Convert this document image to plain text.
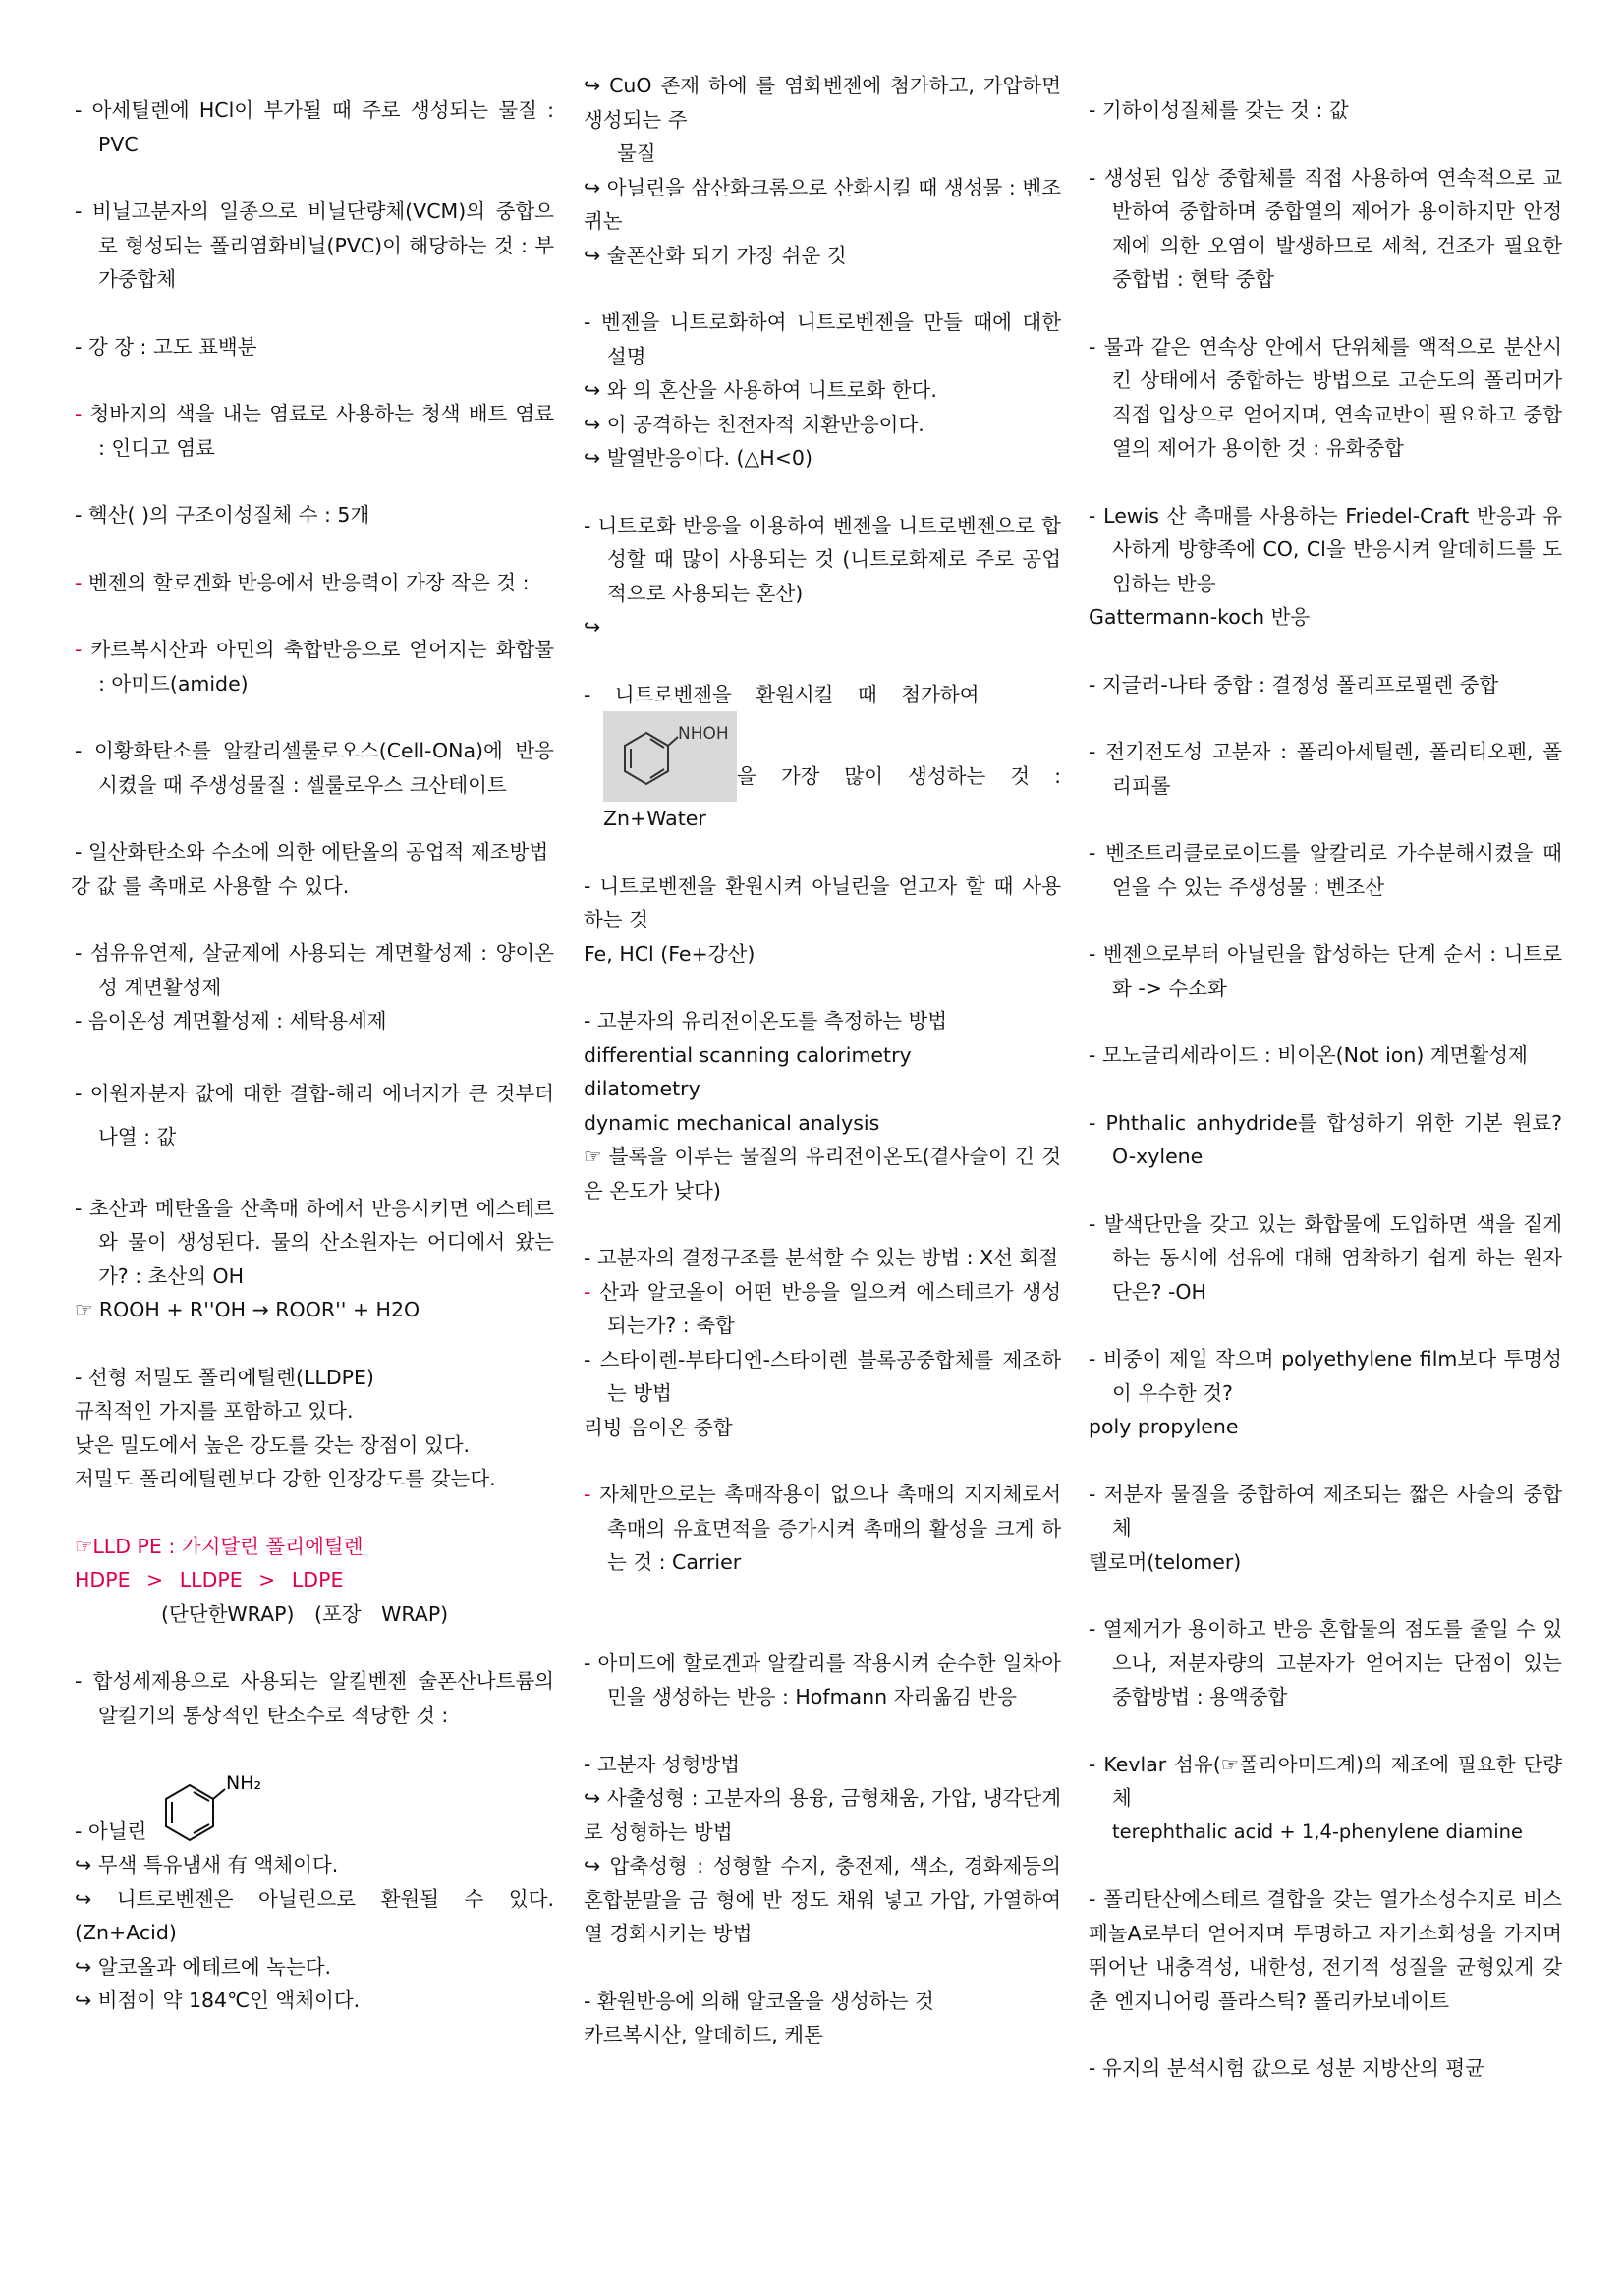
- 아세틸렌에 HCl이 부가될 때 주로 생성되는 물질 : PVC
- 비닐고분자의 일종으로 비닐단량체(VCM)의 중합으로 형성되는 폴리염화비닐(PVC)이 해당하는 것 : 부가중합체
- 강 장 : 고도 표백분
- 청바지의 색을 내는 염료로 사용하는 청색 배트 염료 : 인디고 염료
- 헥산( )의 구조이성질체 수 : 5개
- 벤젠의 할로겐화 반응에서 반응력이 가장 작은 것 :
- 카르복시산과 아민의 축합반응으로 얻어지는 화합물 : 아미드(amide)
- 이황화탄소를 알칼리셀룰로오스(Cell-ONa)에 반응시켰을 때 주생성물질 : 셀룰로우스 크산테이트
- 일산화탄소와 수소에 의한 에탄올의 공업적 제조방법
강 값 를 촉매로 사용할 수 있다.
- 섬유유연제, 살균제에 사용되는 계면활성제 : 양이온성 계면활성제
- 음이온성 계면활성제 : 세탁용세제
- 이원자분자 값에 대한 결합-해리 에너지가 큰 것부터 나열 : 값
- 초산과 메탄올을 산촉매 하에서 반응시키면 에스테르와 물이 생성된다. 물의 산소원자는 어디에서 왔는가? : 초산의 OH
☞ ROOH + R''OH → ROOR'' + H2O
- 선형 저밀도 폴리에틸렌(LLDPE)
규칙적인 가지를 포함하고 있다.
낮은 밀도에서 높은 강도를 갖는 장점이 있다.
저밀도 폴리에틸렌보다 강한 인장강도를 갖는다.
☞LLD PE : 가지달린 폴리에틸렌
HDPE > LLDPE > LDPE
(단단한WRAP) (포장 WRAP)
- 합성세제용으로 사용되는 알킬벤젠 술폰산나트륨의 알킬기의 통상적인 탄소수로 적당한 것 :
- 아닐린
NH₂
↪ 무색 특유냄새 有 액체이다.
↪ 니트로벤젠은 아닐린으로 환원될 수 있다.(Zn+Acid)
↪ 알코올과 에테르에 녹는다.
↪ 비점이 약 184℃인 액체이다.
↪ CuO 존재 하에 를 염화벤젠에 첨가하고, 가압하면 생성되는 주
물질
↪ 아닐린을 삼산화크롬으로 산화시킬 때 생성물 : 벤조퀴논
↪ 술폰산화 되기 가장 쉬운 것
- 벤젠을 니트로화하여 니트로벤젠을 만들 때에 대한 설명
↪ 와 의 혼산을 사용하여 니트로화 한다.
↪ 이 공격하는 친전자적 치환반응이다.
↪ 발열반응이다. (△H<0)
- 니트로화 반응을 이용하여 벤젠을 니트로벤젠으로 합성할 때 많이 사용되는 것 (니트로화제로 주로 공업적으로 사용되는 혼산)
↪
- 니트로벤젠을 환원시킬 때 첨가하여
NHOH
을 가장 많이 생성하는 것 :
Zn+Water
- 니트로벤젠을 환원시켜 아닐린을 얻고자 할 때 사용하는 것
Fe, HCl (Fe+강산)
- 고분자의 유리전이온도를 측정하는 방법
differential scanning calorimetry
dilatometry
dynamic mechanical analysis
☞ 블록을 이루는 물질의 유리전이온도(곁사슬이 긴 것은 온도가 낮다)
- 고분자의 결정구조를 분석할 수 있는 방법 : X선 회절
- 산과 알코올이 어떤 반응을 일으켜 에스테르가 생성되는가? : 축합
- 스타이렌-부타디엔-스타이렌 블록공중합체를 제조하는 방법
리빙 음이온 중합
- 자체만으로는 촉매작용이 없으나 촉매의 지지체로서 촉매의 유효면적을 증가시켜 촉매의 활성을 크게 하는 것 : Carrier
- 아미드에 할로겐과 알칼리를 작용시켜 순수한 일차아민을 생성하는 반응 : Hofmann 자리옮김 반응
- 고분자 성형방법
↪ 사출성형 : 고분자의 용융, 금형채움, 가압, 냉각단계로 성형하는 방법
↪ 압축성형 : 성형할 수지, 충전제, 색소, 경화제등의 혼합분말을 금 형에 반 정도 채워 넣고 가압, 가열하여 열 경화시키는 방법
- 환원반응에 의해 알코올을 생성하는 것
카르복시산, 알데히드, 케톤
- 기하이성질체를 갖는 것 : 값
- 생성된 입상 중합체를 직접 사용하여 연속적으로 교반하여 중합하며 중합열의 제어가 용이하지만 안정제에 의한 오염이 발생하므로 세척, 건조가 필요한 중합법 : 현탁 중합
- 물과 같은 연속상 안에서 단위체를 액적으로 분산시킨 상태에서 중합하는 방법으로 고순도의 폴리머가 직접 입상으로 얻어지며, 연속교반이 필요하고 중합열의 제어가 용이한 것 : 유화중합
- Lewis 산 촉매를 사용하는 Friedel-Craft 반응과 유사하게 방향족에 CO, Cl을 반응시켜 알데히드를 도입하는 반응
Gattermann-koch 반응
- 지글러-나타 중합 : 결정성 폴리프로필렌 중합
- 전기전도성 고분자 : 폴리아세틸렌, 폴리티오펜, 폴리피롤
- 벤조트리클로로이드를 알칼리로 가수분해시켰을 때 얻을 수 있는 주생성물 : 벤조산
- 벤젠으로부터 아닐린을 합성하는 단계 순서 : 니트로화 -> 수소화
- 모노글리세라이드 : 비이온(Not ion) 계면활성제
- Phthalic anhydride를 합성하기 위한 기본 원료? O-xylene
- 발색단만을 갖고 있는 화합물에 도입하면 색을 짙게 하는 동시에 섬유에 대해 염착하기 쉽게 하는 원자단은? -OH
- 비중이 제일 작으며 polyethylene film보다 투명성이 우수한 것?
poly propylene
- 저분자 물질을 중합하여 제조되는 짧은 사슬의 중합체
텔로머(telomer)
- 열제거가 용이하고 반응 혼합물의 점도를 줄일 수 있으나, 저분자량의 고분자가 얻어지는 단점이 있는 중합방법 : 용액중합
- Kevlar 섬유(☞폴리아미드계)의 제조에 필요한 단량체
terephthalic acid + 1,4-phenylene diamine
- 폴리탄산에스테르 결합을 갖는 열가소성수지로 비스페놀A로부터 얻어지며 투명하고 자기소화성을 가지며 뛰어난 내충격성, 내한성, 전기적 성질을 균형있게 갖춘 엔지니어링 플라스틱? 폴리카보네이트
- 유지의 분석시험 값으로 성분 지방산의 평균
